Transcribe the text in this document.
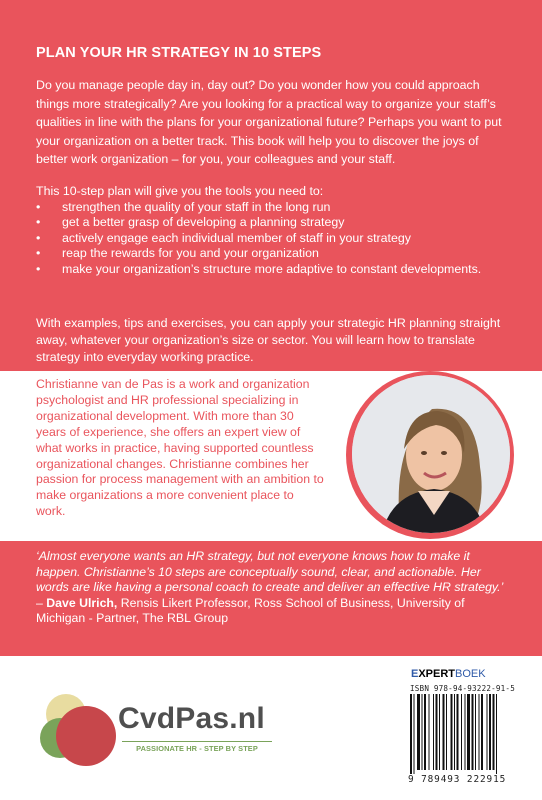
PLAN YOUR HR STRATEGY IN 10 STEPS
Do you manage people day in, day out? Do you wonder how you could approach things more strategically? Are you looking for a practical way to organize your staff’s qualities in line with the plans for your organizational future? Perhaps you want to put your organization on a better track. This book will help you to discover the joys of better work organization – for you, your colleagues and your staff.
This 10-step plan will give you the tools you need to:
• strengthen the quality of your staff in the long run
• get a better grasp of developing a planning strategy
• actively engage each individual member of staff in your strategy
• reap the rewards for you and your organization
• make your organization’s structure more adaptive to constant developments.
With examples, tips and exercises, you can apply your strategic HR planning straight away, whatever your organization’s size or sector. You will learn how to translate strategy into everyday working practice.
Christianne van de Pas is a work and organization psychologist and HR professional specializing in organizational development. With more than 30 years of experience, she offers an expert view of what works in practice, having supported countless organizational changes. Christianne combines her passion for process management with an ambition to make organizations a more convenient place to work.
‘Almost everyone wants an HR strategy, but not everyone knows how to make it happen. Christianne’s 10 steps are conceptually sound, clear, and actionable. Her words are like having a personal coach to create and deliver an effective HR strategy.’ – Dave Ulrich, Rensis Likert Professor, Ross School of Business, University of Michigan - Partner, The RBL Group
CvdPas.nl
PASSIONATE HR - STEP BY STEP
EXPERTBOEK
ISBN 978-94-93222-91-5
9 789493 222915
